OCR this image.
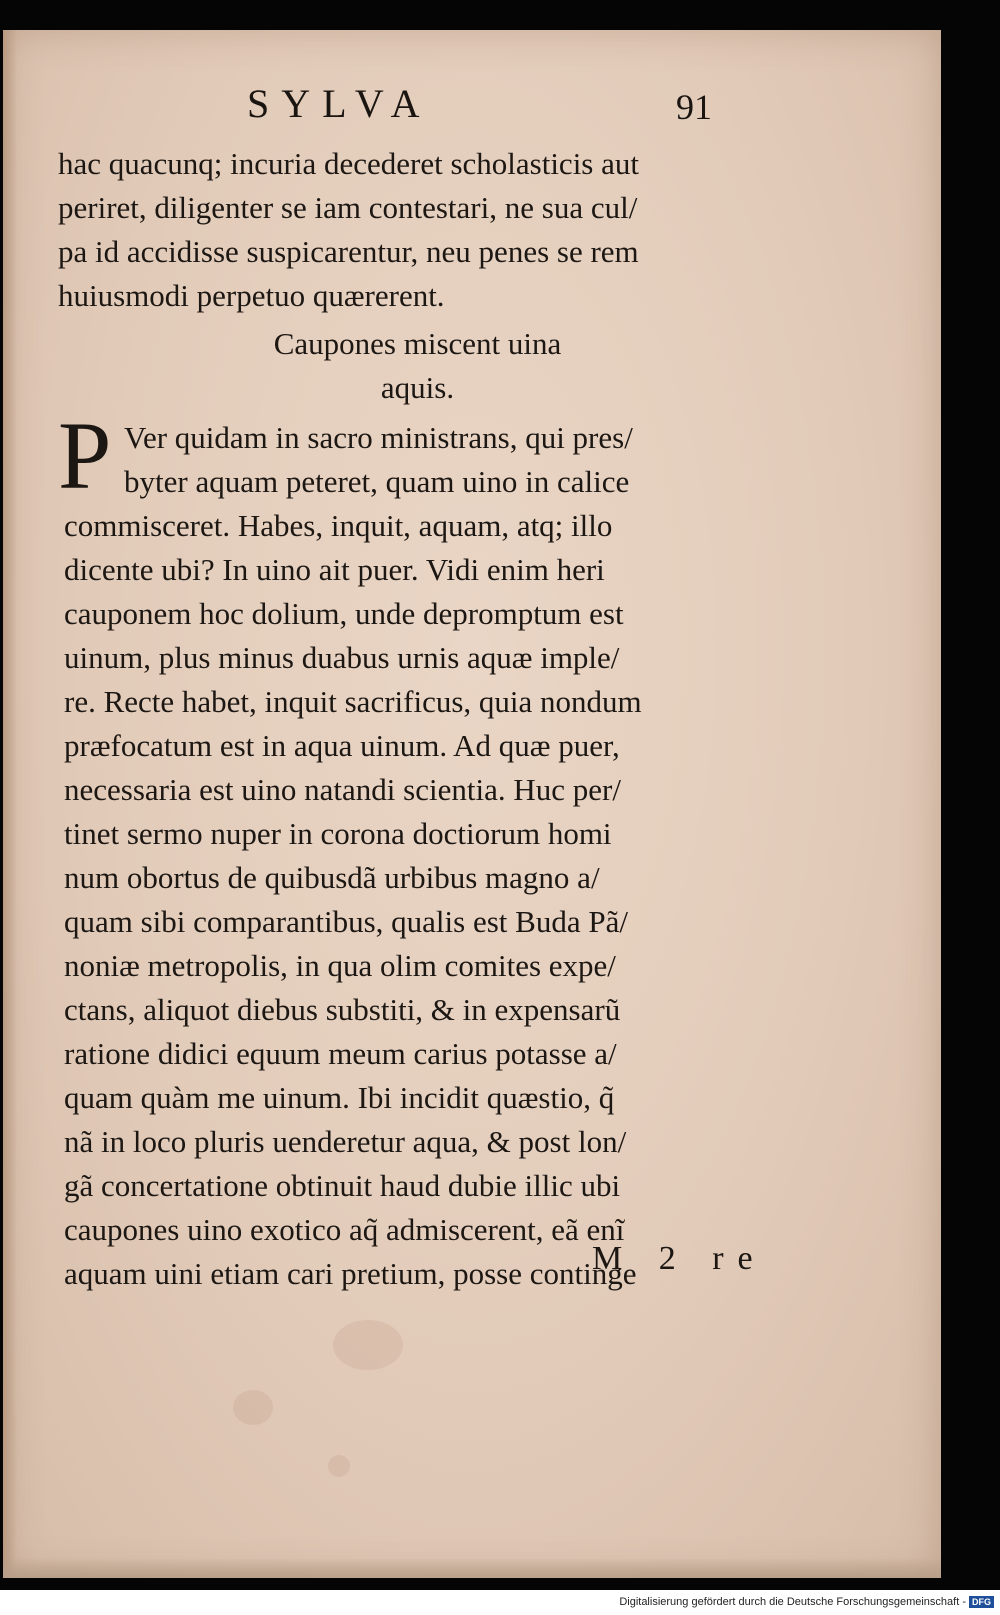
SYLVA	91
hac quacunq; incuria decederet scholasticis aut
periret, diligenter se iam contestari, ne sua cul/
pa id accidisse suspicarentur, neu penes se rem
huiusmodi perpetuo quærerent.
Caupones miscent uina
aquis.
P Ver quidam in sacro ministrans, qui pres/
byter aquam peteret, quam uino in calice
commisceret. Habes, inquit, aquam, atq; illo
dicente ubi? In uino ait puer. Vidi enim heri
cauponem hoc dolium, unde depromptum est
uinum, plus minus duabus urnis aquæ imple/
re. Recte habet, inquit sacrificus, quia nondum
præfocatum est in aqua uinum. Ad quæ puer,
necessaria est uino natandi scientia. Huc per/
tinet sermo nuper in corona doctiorum homi
num obortus de quibusdã urbibus magno a/
quam sibi comparantibus, qualis est Buda Pã/
noniæ metropolis, in qua olim comites expe/
ctans, aliquot diebus substiti, & in expensarũ
ratione didici equum meum carius potasse a/
quam quàm me uinum. Ibi incidit quæstio, q̃
nã in loco pluris uenderetur aqua, & post lon/
gã concertatione obtinuit haud dubie illic ubi
caupones uino exotico aq̃ admiscerent, eã enĩ
aquam uini etiam cari pretium, posse continge
M 2 re
Digitalisierung gefördert durch die Deutsche Forschungsgemeinschaft - DFG
